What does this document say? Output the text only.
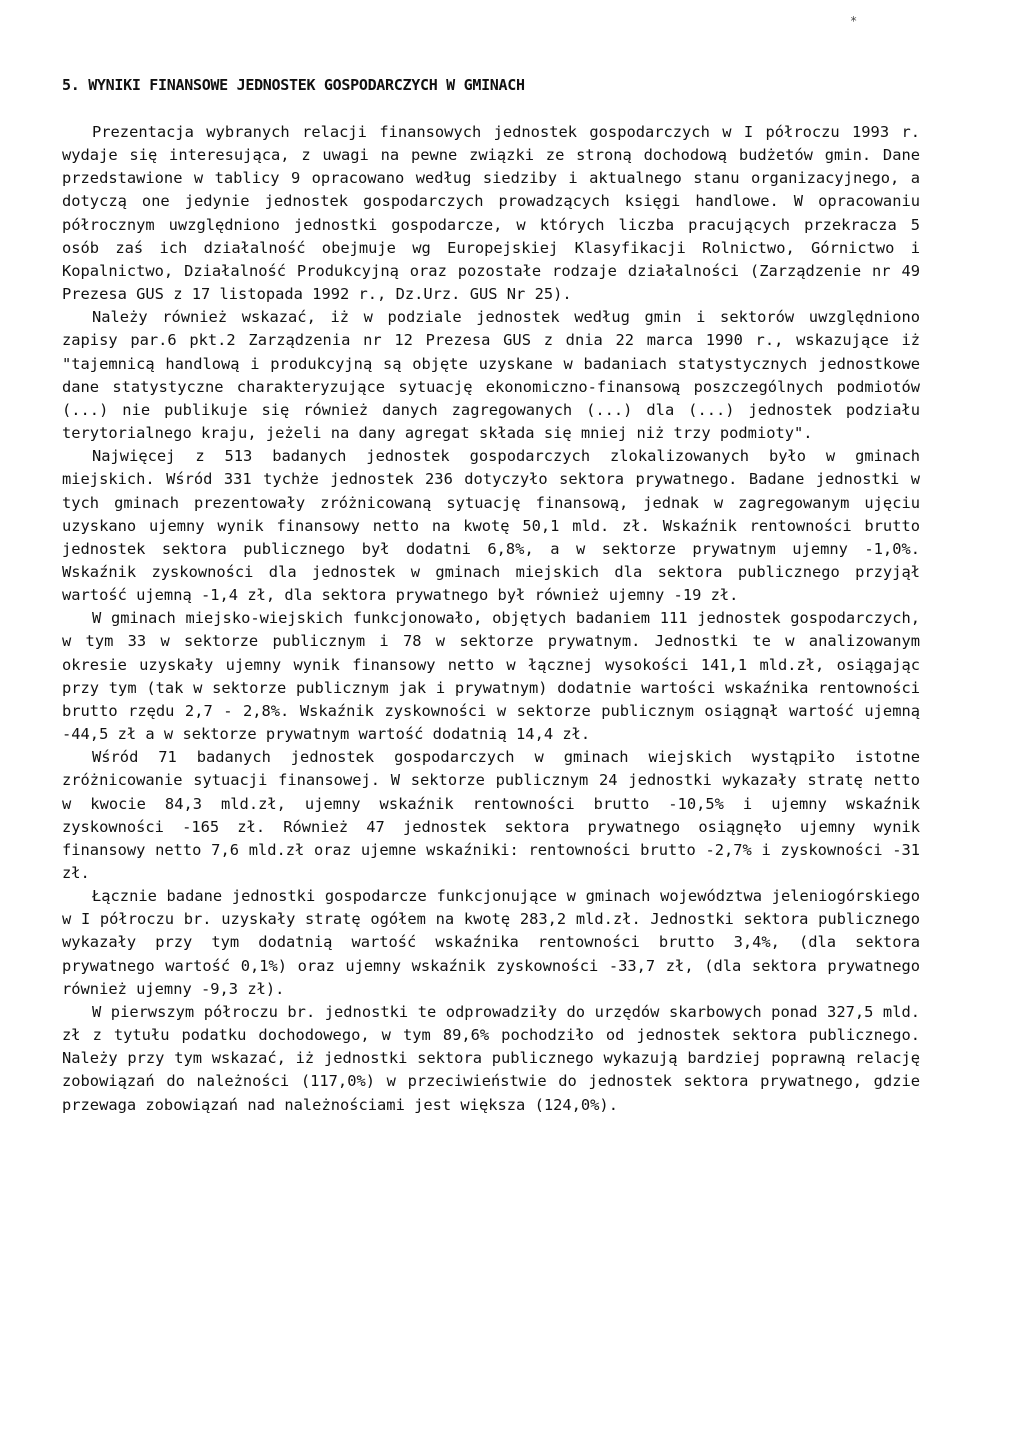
*
5. WYNIKI FINANSOWE JEDNOSTEK GOSPODARCZYCH W GMINACH

Prezentacja wybranych relacji finansowych jednostek gospodarczych w I półroczu 1993 r. wydaje się interesująca, z uwagi na pewne związki ze stroną dochodową budżetów gmin. Dane przedstawione w tablicy 9 opracowano według siedziby i aktualnego stanu organizacyjnego, a dotyczą one jedynie jednostek gospodarczych prowadzących księgi handlowe. W opracowaniu półrocznym uwzględniono jednostki gospodarcze, w których liczba pracujących przekracza 5 osób zaś ich działalność obejmuje wg Europejskiej Klasyfikacji Rolnictwo, Górnictwo i Kopalnictwo, Działalność Produkcyjną oraz pozostałe rodzaje działalności (Zarządzenie nr 49 Prezesa GUS z 17 listopada 1992 r., Dz.Urz. GUS Nr 25).

Należy również wskazać, iż w podziale jednostek według gmin i sektorów uwzględniono zapisy par.6 pkt.2 Zarządzenia nr 12 Prezesa GUS z dnia 22 marca 1990 r., wskazujące iż "tajemnicą handlową i produkcyjną są objęte uzyskane w badaniach statystycznych jednostkowe dane statystyczne charakteryzujące sytuację ekonomiczno-finansową poszczególnych podmiotów (...) nie publikuje się również danych zagregowanych (...) dla (...) jednostek podziału terytorialnego kraju, jeżeli na dany agregat składa się mniej niż trzy podmioty".

Najwięcej z 513 badanych jednostek gospodarczych zlokalizowanych było w gminach miejskich. Wśród 331 tychże jednostek 236 dotyczyło sektora prywatnego. Badane jednostki w tych gminach prezentowały zróżnicowaną sytuację finansową, jednak w zagregowanym ujęciu uzyskano ujemny wynik finansowy netto na kwotę 50,1 mld. zł. Wskaźnik rentowności brutto jednostek sektora publicznego był dodatni 6,8%, a w sektorze prywatnym ujemny -1,0%. Wskaźnik zyskowności dla jednostek w gminach miejskich dla sektora publicznego przyjął wartość ujemną -1,4 zł, dla sektora prywatnego był również ujemny -19 zł.

W gminach miejsko-wiejskich funkcjonowało, objętych badaniem 111 jednostek gospodarczych, w tym 33 w sektorze publicznym i 78 w sektorze prywatnym. Jednostki te w analizowanym okresie uzyskały ujemny wynik finansowy netto w łącznej wysokości 141,1 mld.zł, osiągając przy tym (tak w sektorze publicznym jak i prywatnym) dodatnie wartości wskaźnika rentowności brutto rzędu 2,7 - 2,8%. Wskaźnik zyskowności w sektorze publicznym osiągnął wartość ujemną -44,5 zł a w sektorze prywatnym wartość dodatnią 14,4 zł.

Wśród 71 badanych jednostek gospodarczych w gminach wiejskich wystąpiło istotne zróżnicowanie sytuacji finansowej. W sektorze publicznym 24 jednostki wykazały stratę netto w kwocie 84,3 mld.zł, ujemny wskaźnik rentowności brutto -10,5% i ujemny wskaźnik zyskowności -165 zł. Również 47 jednostek sektora prywatnego osiągnęło ujemny wynik finansowy netto 7,6 mld.zł oraz ujemne wskaźniki: rentowności brutto -2,7% i zyskowności -31 zł.

Łącznie badane jednostki gospodarcze funkcjonujące w gminach województwa jeleniogórskiego w I półroczu br. uzyskały stratę ogółem na kwotę 283,2 mld.zł. Jednostki sektora publicznego wykazały przy tym dodatnią wartość wskaźnika rentowności brutto 3,4%, (dla sektora prywatnego wartość 0,1%) oraz ujemny wskaźnik zyskowności -33,7 zł, (dla sektora prywatnego również ujemny -9,3 zł).

W pierwszym półroczu br. jednostki te odprowadziły do urzędów skarbowych ponad 327,5 mld. zł z tytułu podatku dochodowego, w tym 89,6% pochodziło od jednostek sektora publicznego. Należy przy tym wskazać, iż jednostki sektora publicznego wykazują bardziej poprawną relację zobowiązań do należności (117,0%) w przeciwieństwie do jednostek sektora prywatnego, gdzie przewaga zobowiązań nad należnościami jest większa (124,0%).
